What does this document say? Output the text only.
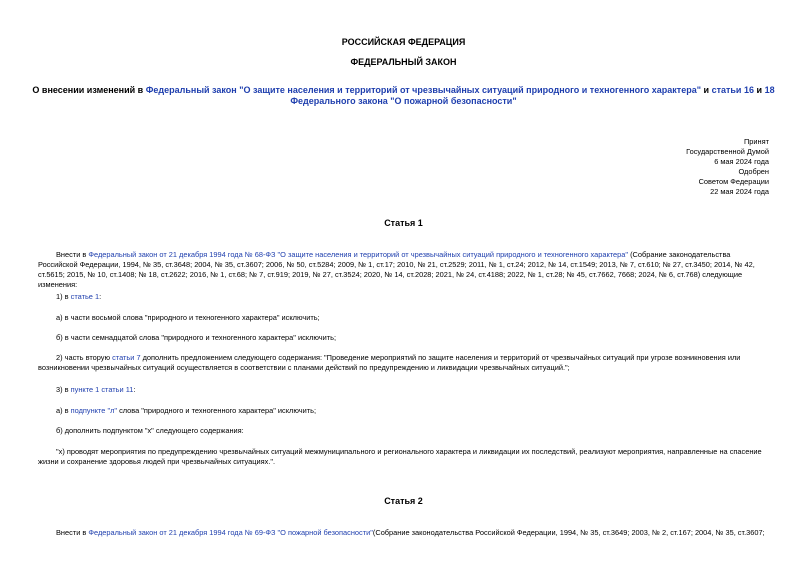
РОССИЙСКАЯ ФЕДЕРАЦИЯ
ФЕДЕРАЛЬНЫЙ ЗАКОН
О внесении изменений в Федеральный закон "О защите населения и территорий от чрезвычайных ситуаций природного и техногенного характера" и статьи 16 и 18
Федерального закона "О пожарной безопасности"
Принят
Государственной Думой
6 мая 2024 года
Одобрен
Советом Федерации
22 мая 2024 года
Статья 1
Внести в Федеральный закон от 21 декабря 1994 года № 68-ФЗ "О защите населения и территорий от чрезвычайных ситуаций природного и техногенного характера" (Собрание законодательства Российской Федерации, 1994, № 35, ст.3648; 2004, № 35, ст.3607; 2006, № 50, ст.5284; 2009, № 1, ст.17; 2010, № 21, ст.2529; 2011, № 1, ст.24; 2012, № 14, ст.1549; 2013, № 7, ст.610; № 27, ст.3450; 2014, № 42, ст.5615; 2015, № 10, ст.1408; № 18, ст.2622; 2016, № 1, ст.68; № 7, ст.919; 2019, № 27, ст.3524; 2020, № 14, ст.2028; 2021, № 24, ст.4188; 2022, № 1, ст.28; № 45, ст.7662, 7668; 2024, № 6, ст.768) следующие изменения:
1) в статье 1:
а) в части восьмой слова "природного и техногенного характера" исключить;
б) в части семнадцатой слова "природного и техногенного характера" исключить;
2) часть вторую статьи 7 дополнить предложением следующего содержания: "Проведение мероприятий по защите населения и территорий от чрезвычайных ситуаций при угрозе возникновения или возникновении чрезвычайных ситуаций осуществляется в соответствии с планами действий по предупреждению и ликвидации чрезвычайных ситуаций.";
3) в пункте 1 статьи 11:
а) в подпункте "л" слова "природного и техногенного характера" исключить;
б) дополнить подпунктом "х" следующего содержания:
"х) проводят мероприятия по предупреждению чрезвычайных ситуаций межмуниципального и регионального характера и ликвидации их последствий, реализуют мероприятия, направленные на спасение жизни и сохранение здоровья людей при чрезвычайных ситуациях.".
Статья 2
Внести в Федеральный закон от 21 декабря 1994 года № 69-ФЗ "О пожарной безопасности"(Собрание законодательства Российской Федерации, 1994, № 35, ст.3649; 2003, № 2, ст.167; 2004, № 35, ст.3607;
